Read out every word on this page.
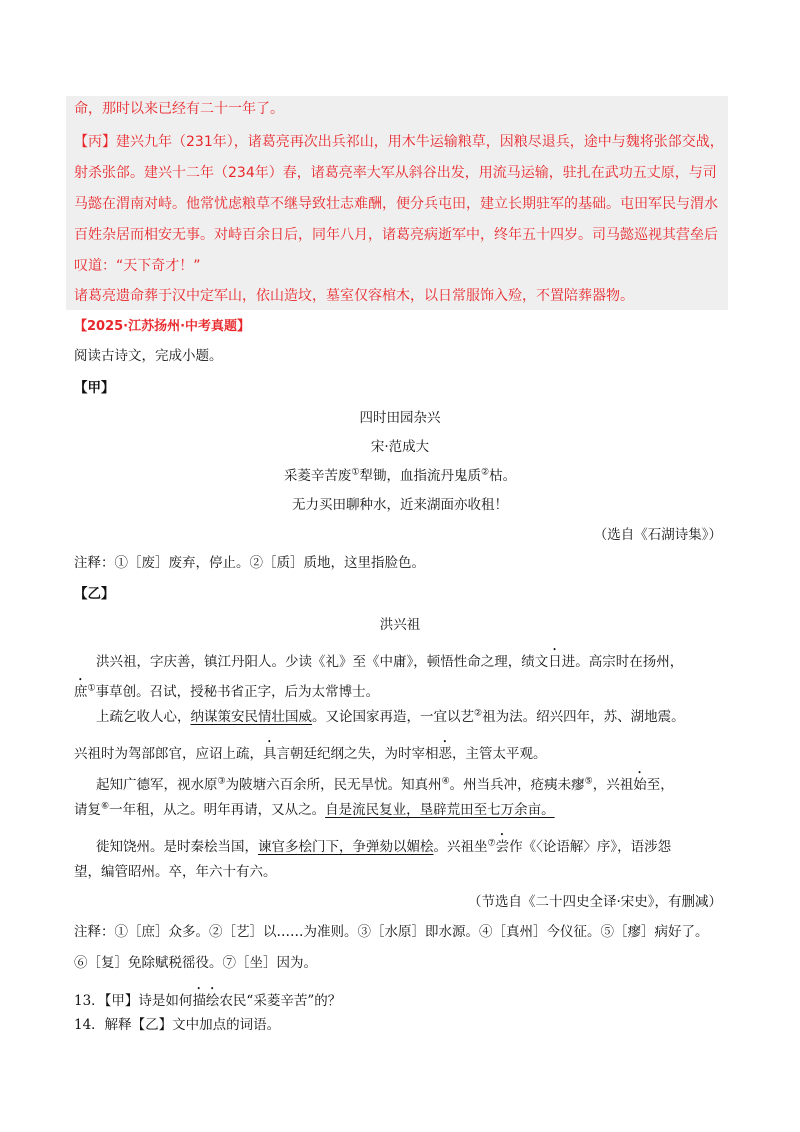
命，那时以来已经有二十一年了。
【丙】建兴九年（231年），诸葛亮再次出兵祁山，用木牛运输粮草，因粮尽退兵，途中与魏将张郃交战，
射杀张郃。建兴十二年（234年）春，诸葛亮率大军从斜谷出发，用流马运输，驻扎在武功五丈原，与司
马懿在渭南对峙。他常忧虑粮草不继导致壮志难酬，便分兵屯田，建立长期驻军的基础。屯田军民与渭水
百姓杂居而相安无事。对峙百余日后，同年八月，诸葛亮病逝军中，终年五十四岁。司马懿巡视其营垒后
叹道：“天下奇才！”
诸葛亮遗命葬于汉中定军山，依山造坟，墓室仅容棺木，以日常服饰入殓，不置陪葬器物。
【2025·江苏扬州·中考真题】
阅读古诗文，完成小题。
【甲】
四时田园杂兴
宋·范成大
采菱辛苦废①犁锄，血指流丹鬼质②枯。
无力买田聊种水，近来湖面亦收租！
（选自《石湖诗集》）
注释：①［废］废弃，停止。②［质］质地，这里指脸色。
【乙】
洪兴祖
洪兴祖，字庆善，镇江丹阳人。少读《礼》至《中庸》，顿悟性命之理，绩文日进。高宗时在扬州，
庶①事草创。召试，授秘书省正字，后为太常博士。
上疏乞收人心，纳谋策安民情壮国威。又论国家再造，一宜以艺②祖为法。绍兴四年，苏、湖地震。
兴祖时为驾部郎官，应诏上疏，具言朝廷纪纲之失，为时宰相恶，主管太平观。
起知广德军，视水原③为陂塘六百余所，民无旱忧。知真州④。州当兵冲，疮痍未瘳⑤，兴祖始至，
请复⑥一年租，从之。明年再请，又从之。自是流民复业，垦辟荒田至七万余亩。
徙知饶州。是时秦桧当国，谏官多桧门下，争弹劾以媚桧。兴祖坐⑦尝作《〈论语解〉序》，语涉怨
望，编管昭州。卒，年六十有六。
（节选自《二十四史全译·宋史》，有删减）
注释：①［庶］众多。②［艺］以……为准则。③［水原］即水源。④［真州］今仪征。⑤［瘳］病好了。
⑥［复］免除赋税徭役。⑦［坐］因为。
13．【甲】诗是如何描绘农民“采菱辛苦”的？
14．解释【乙】文中加点的词语。
